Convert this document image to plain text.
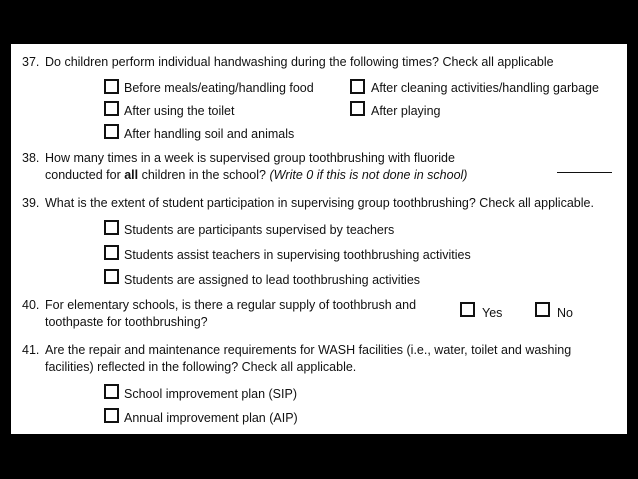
37. Do children perform individual handwashing during the following times? Check all applicable
Before meals/eating/handling food	After cleaning activities/handling garbage
After using the toilet	After playing
After handling soil and animals
38. How many times in a week is supervised group toothbrushing with fluoride
conducted for all children in the school? (Write 0 if this is not done in school)
39. What is the extent of student participation in supervising group toothbrushing? Check all applicable.
Students are participants supervised by teachers
Students assist teachers in supervising toothbrushing activities
Students are assigned to lead toothbrushing activities
40. For elementary schools, is there a regular supply of toothbrush and
toothpaste for toothbrushing?
Yes	No
41. Are the repair and maintenance requirements for WASH facilities (i.e., water, toilet and washing
facilities) reflected in the following? Check all applicable.
School improvement plan (SIP)
Annual improvement plan (AIP)
